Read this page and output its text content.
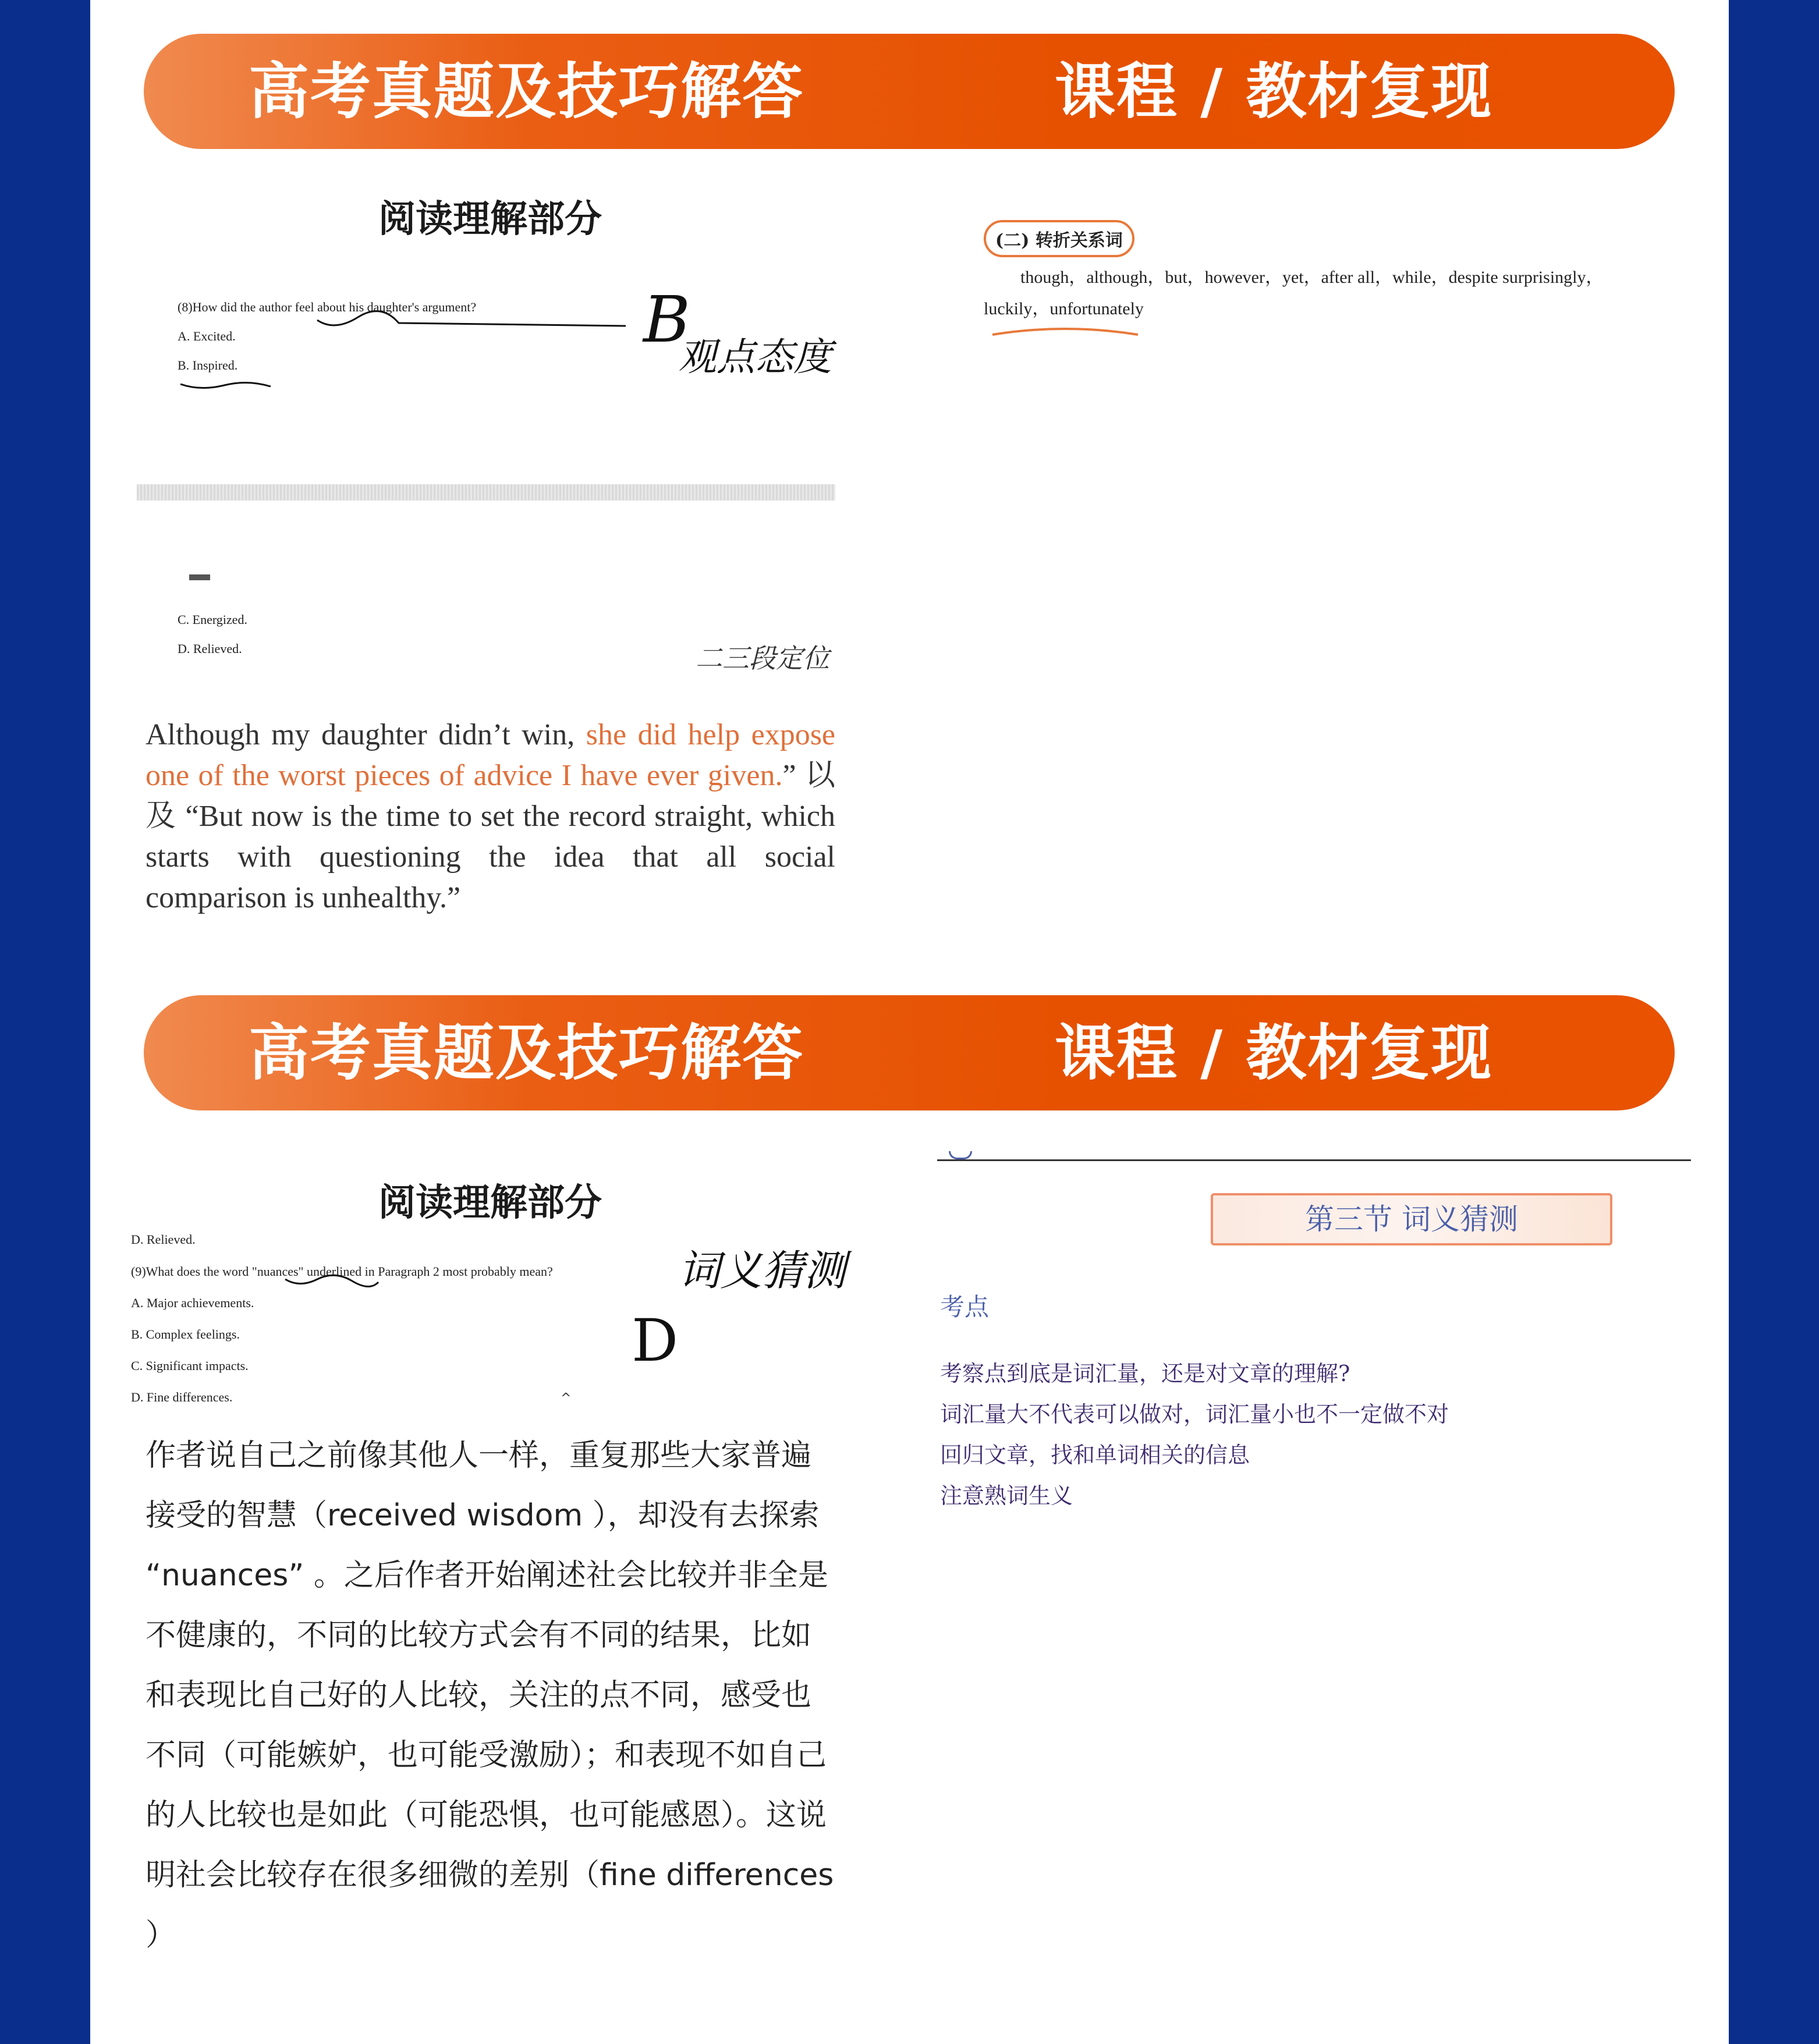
高考真题及技巧解答	课程 / 教材复现
阅读理解部分
(8)How did the author feel about his daughter's argument?
A. Excited.
B. Inspired.
B
观点态度
C. Energized.
D. Relieved.	二三段定位
Although my daughter didn’t win, she did help expose one of the worst pieces of advice I have ever given.” 以及 “But now is the time to set the record straight, which starts with questioning the idea that all social comparison is unhealthy.”
(二) 转折关系词
though，although，but，however，yet，after all，while，despite surprisingly，luckily，unfortunately
高考真题及技巧解答	课程 / 教材复现
阅读理解部分
D. Relieved.
(9)What does the word "nuances" underlined in Paragraph 2 most probably mean?
A. Major achievements.
B. Complex feelings.
C. Significant impacts.
D. Fine differences.
词义猜测
D
^
作者说自己之前像其他人一样，重复那些大家普遍接受的智慧（received wisdom ），却没有去探索 “nuances” 。之后作者开始阐述社会比较并非全是不健康的，不同的比较方式会有不同的结果，比如和表现比自己好的人比较，关注的点不同，感受也不同（可能嫉妒，也可能受激励）；和表现不如自己的人比较也是如此（可能恐惧，也可能感恩）。这说明社会比较存在很多细微的差别（fine differences ）
第三节 词义猜测
考点
考察点到底是词汇量，还是对文章的理解?
词汇量大不代表可以做对，词汇量小也不一定做不对
回归文章，找和单词相关的信息
注意熟词生义
